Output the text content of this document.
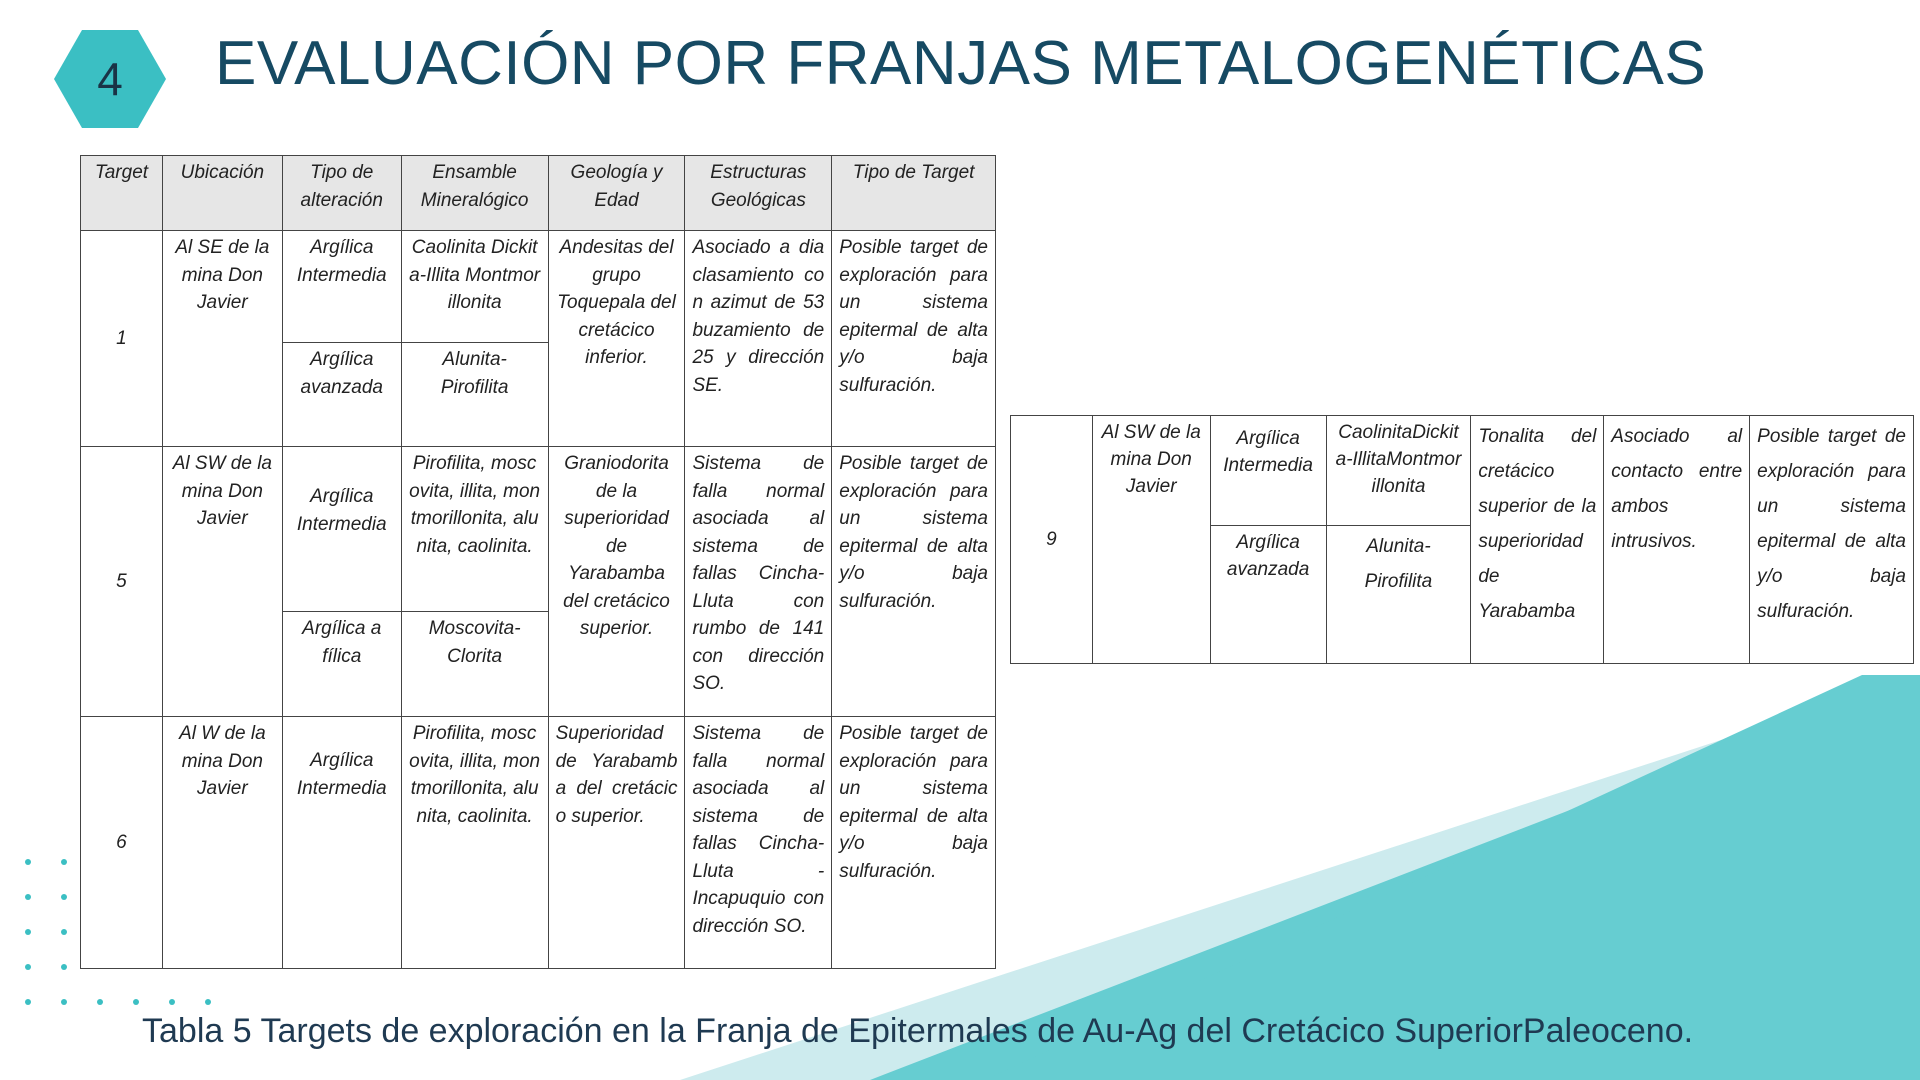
4	EVALUACIÓN POR FRANJAS METALOGENÉTICAS
Target	Ubicación	Tipo de alteración	Ensamble Mineralógico	Geología y Edad	Estructuras Geológicas	Tipo de Target
1	Al SE de la mina Don Javier	Argílica Intermedia	Caolinita Dickita-Illita Montmorillonita	Andesitas del grupo Toquepala del cretácico inferior.	Asociado a diaclasamiento con azimut de 53 buzamiento de 25 y dirección SE.	Posible target de exploración para un sistema epitermal de alta y/o baja sulfuración.
		Argílica avanzada	Alunita-Pirofilita			
5	Al SW de la mina Don Javier	Argílica Intermedia	Pirofilita, moscovita, illita, montmorillonita, alunita, caolinita.	Graniodorita de la superioridad de Yarabamba del cretácico superior.	Sistema de falla normal asociada al sistema de fallas Cincha-Lluta con rumbo de 141 con dirección SO.	Posible target de exploración para un sistema epitermal de alta y/o baja sulfuración.
		Argílica a fílica	Moscovita-Clorita			
6	Al W de la mina Don Javier	Argílica Intermedia	Pirofilita, moscovita, illita, montmorillonita, alunita, caolinita.	Superioridad de Yarabamba del cretácico superior.	Sistema de falla normal asociada al sistema de fallas Cincha-Lluta - Incapuquio con dirección SO.	Posible target de exploración para un sistema epitermal de alta y/o baja sulfuración.
9	Al SW de la mina Don Javier	Argílica Intermedia	CaolinitaDickita-IllitaMontmorillonita	Tonalita del cretácico superior de la superioridad de Yarabamba	Asociado al contacto entre ambos intrusivos.	Posible target de exploración para un sistema epitermal de alta y/o baja sulfuración.
		Argílica avanzada	Alunita-Pirofilita			
Tabla 5 Targets de exploración en la Franja de Epitermales de Au-Ag del Cretácico SuperiorPaleoceno.
